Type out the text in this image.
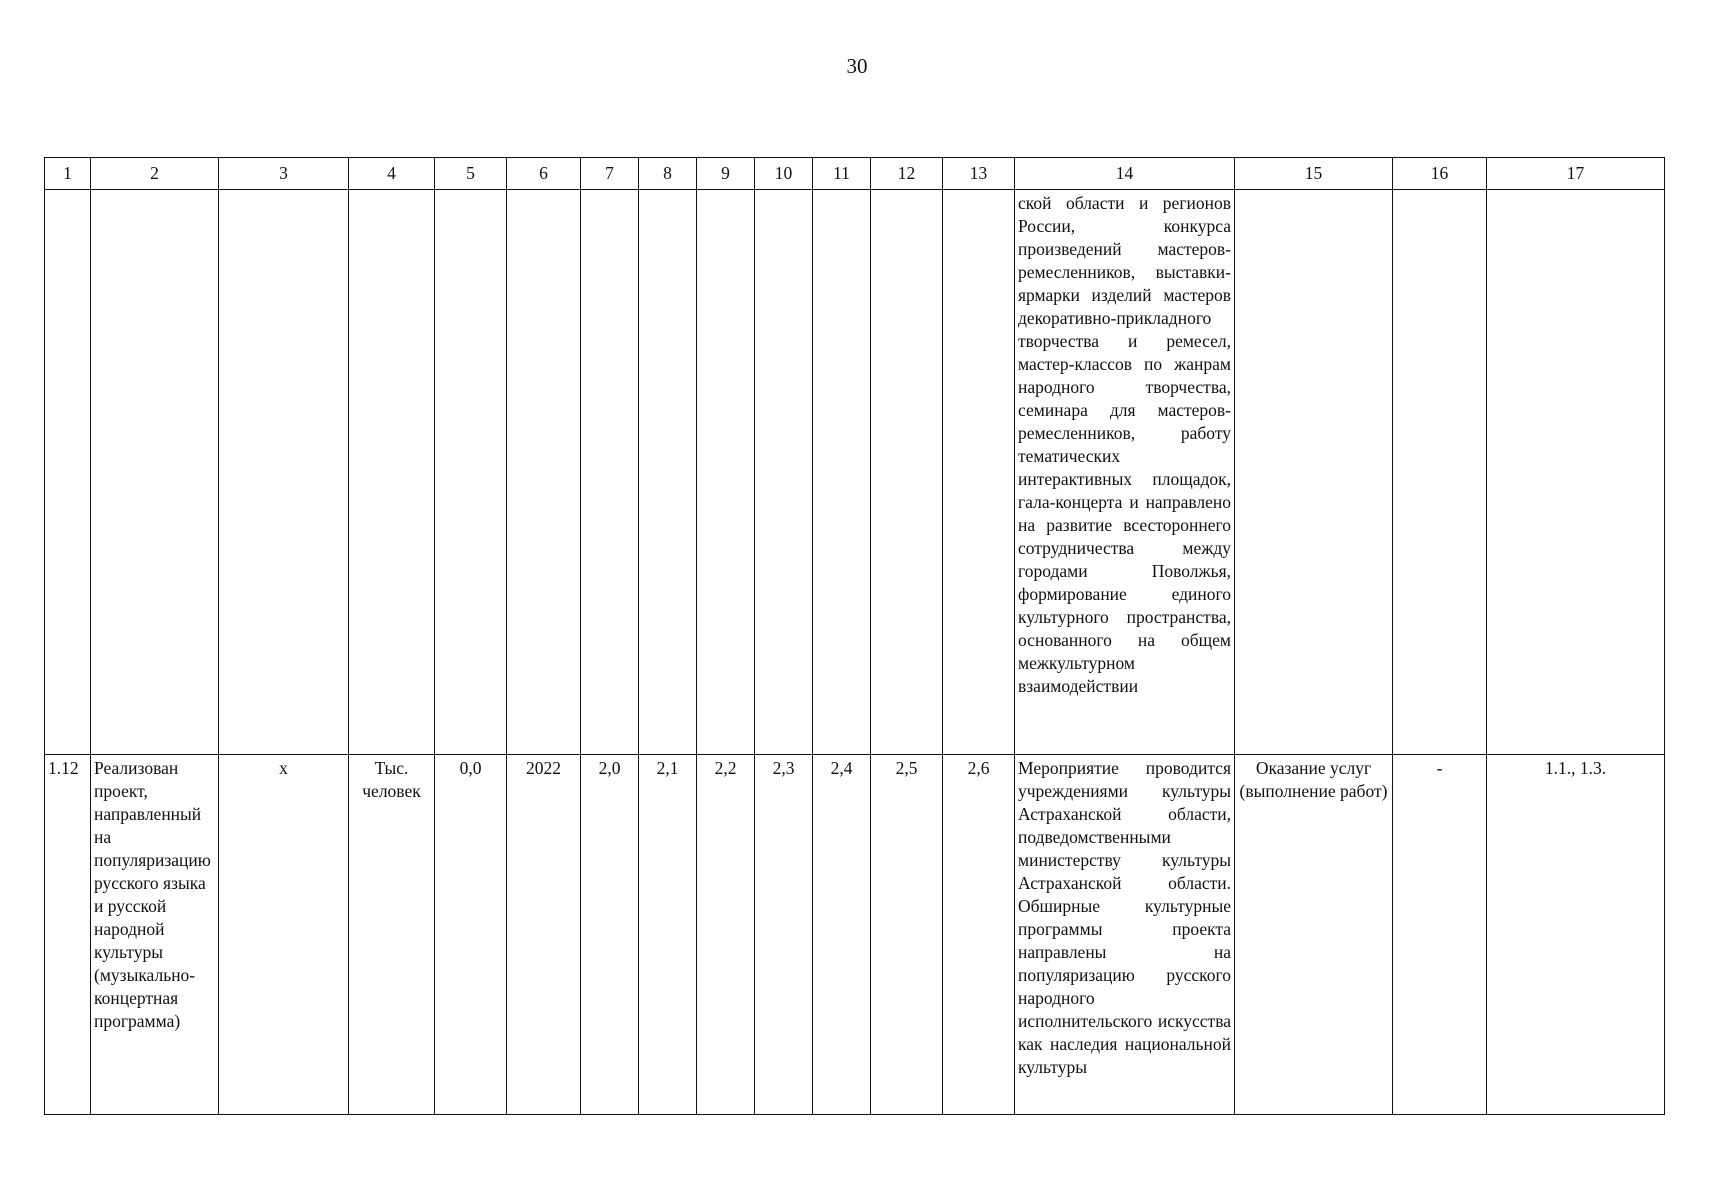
30
1	2	3	4	5	6	7	8	9	10	11	12	13	14	15	16	17
													ской области и регионов России, конкурса произведений мастеров-ремесленников, выставки-ярмарки изделий мастеров декоративно-прикладного творчества и ремесел, мастер-классов по жанрам народного творчества, семинара для мастеров-ремесленников, работу тематических интерактивных площадок, гала-концерта и направлено на развитие всестороннего сотрудничества между городами Поволжья, формирование единого культурного пространства, основанного на общем межкультурном взаимодействии			
1.12	Реализован проект, направленный на популяризацию русского языка и русской народной культуры (музыкально-концертная программа)	х	Тыс. человек	0,0	2022	2,0	2,1	2,2	2,3	2,4	2,5	2,6	Мероприятие проводится учреждениями культуры Астраханской области, подведомственными министерству культуры Астраханской области. Обширные культурные программы проекта направлены на популяризацию русского народного исполнительского искусства как наследия национальной культуры	Оказание услуг (выполнение работ)	-	1.1., 1.3.
